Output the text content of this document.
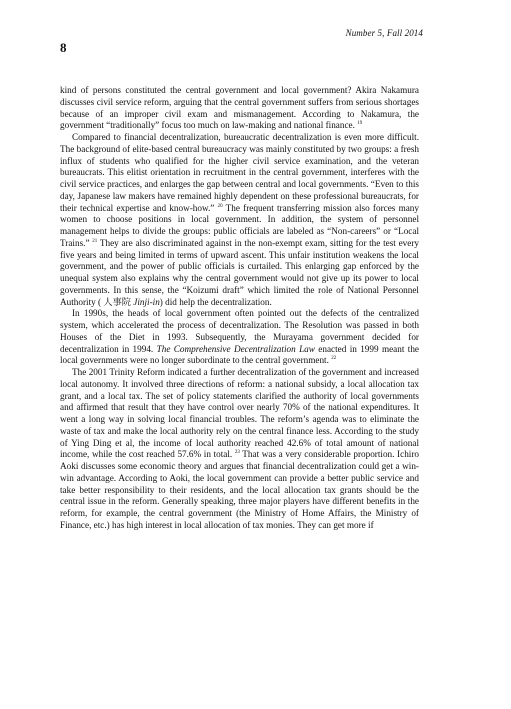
Number 5, Fall 2014
8

kind of persons constituted the central government and local government? Akira Nakamura discusses civil service reform, arguing that the central government suffers from serious shortages because of an improper civil exam and mismanagement. According to Nakamura, the government “traditionally” focus too much on law-making and national finance. $^{19}$

Compared to financial decentralization, bureaucratic decentralization is even more difficult. The background of elite-based central bureaucracy was mainly constituted by two groups: a fresh influx of students who qualified for the higher civil service examination, and the veteran bureaucrats. This elitist orientation in recruitment in the central government, interferes with the civil service practices, and enlarges the gap between central and local governments. “Even to this day, Japanese law makers have remained highly dependent on these professional bureaucrats, for their technical expertise and know-how.” $^{20}$ The frequent transferring mission also forces many women to choose positions in local government. In addition, the system of personnel management helps to divide the groups: public officials are labeled as “Non-careers” or “Local Trains.” $^{21}$ They are also discriminated against in the non-exempt exam, sitting for the test every five years and being limited in terms of upward ascent. This unfair institution weakens the local government, and the power of public officials is curtailed. This enlarging gap enforced by the unequal system also explains why the central government would not give up its power to local governments. In this sense, the “Koizumi draft” which limited the role of National Personnel Authority ( 人事院 Jinji-in) did help the decentralization.

In 1990s, the heads of local government often pointed out the defects of the centralized system, which accelerated the process of decentralization. The Resolution was passed in both Houses of the Diet in 1993. Subsequently, the Murayama government decided for decentralization in 1994. The Comprehensive Decentralization Law enacted in 1999 meant the local governments were no longer subordinate to the central government. $^{22}$

The 2001 Trinity Reform indicated a further decentralization of the government and increased local autonomy. It involved three directions of reform: a national subsidy, a local allocation tax grant, and a local tax. The set of policy statements clarified the authority of local governments and affirmed that result that they have control over nearly 70% of the national expenditures. It went a long way in solving local financial troubles. The reform’s agenda was to eliminate the waste of tax and make the local authority rely on the central finance less. According to the study of Ying Ding et al, the income of local authority reached 42.6% of total amount of national income, while the cost reached 57.6% in total. $^{23}$ That was a very considerable proportion. Ichiro Aoki discusses some economic theory and argues that financial decentralization could get a win-win advantage. According to Aoki, the local government can provide a better public service and take better responsibility to their residents, and the local allocation tax grants should be the central issue in the reform. Generally speaking, three major players have different benefits in the reform, for example, the central government (the Ministry of Home Affairs, the Ministry of Finance, etc.) has high interest in local allocation of tax monies. They can get more if
